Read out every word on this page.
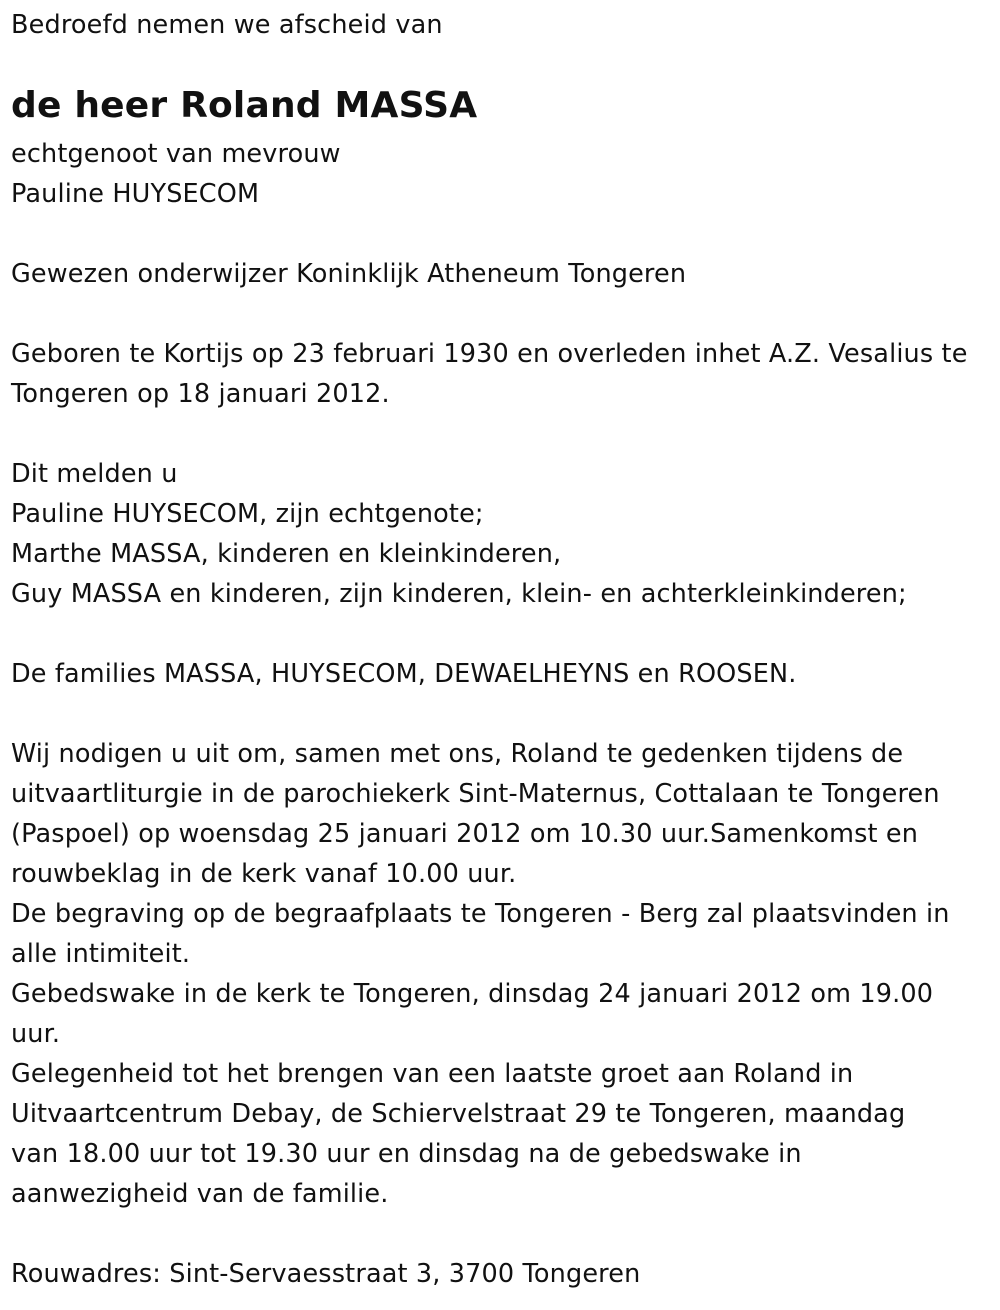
Bedroefd nemen we afscheid van
de heer Roland MASSA
echtgenoot van mevrouw
Pauline HUYSECOM
Gewezen onderwijzer Koninklijk Atheneum Tongeren
Geboren te Kortijs op 23 februari 1930 en overleden inhet A.Z. Vesalius te
Tongeren op 18 januari 2012.
Dit melden u
Pauline HUYSECOM, zijn echtgenote;
Marthe MASSA, kinderen en kleinkinderen,
Guy MASSA en kinderen, zijn kinderen, klein- en achterkleinkinderen;
De families MASSA, HUYSECOM, DEWAELHEYNS en ROOSEN.
Wij nodigen u uit om, samen met ons, Roland te gedenken tijdens de
uitvaartliturgie in de parochiekerk Sint-Maternus, Cottalaan te Tongeren
(Paspoel) op woensdag 25 januari 2012 om 10.30 uur.Samenkomst en
rouwbeklag in de kerk vanaf 10.00 uur.
De begraving op de begraafplaats te Tongeren - Berg zal plaatsvinden in
alle intimiteit.
Gebedswake in de kerk te Tongeren, dinsdag 24 januari 2012 om 19.00
uur.
Gelegenheid tot het brengen van een laatste groet aan Roland in
Uitvaartcentrum Debay, de Schiervelstraat 29 te Tongeren, maandag
van 18.00 uur tot 19.30 uur en dinsdag na de gebedswake in
aanwezigheid van de familie.
Rouwadres: Sint-Servaesstraat 3, 3700 Tongeren
